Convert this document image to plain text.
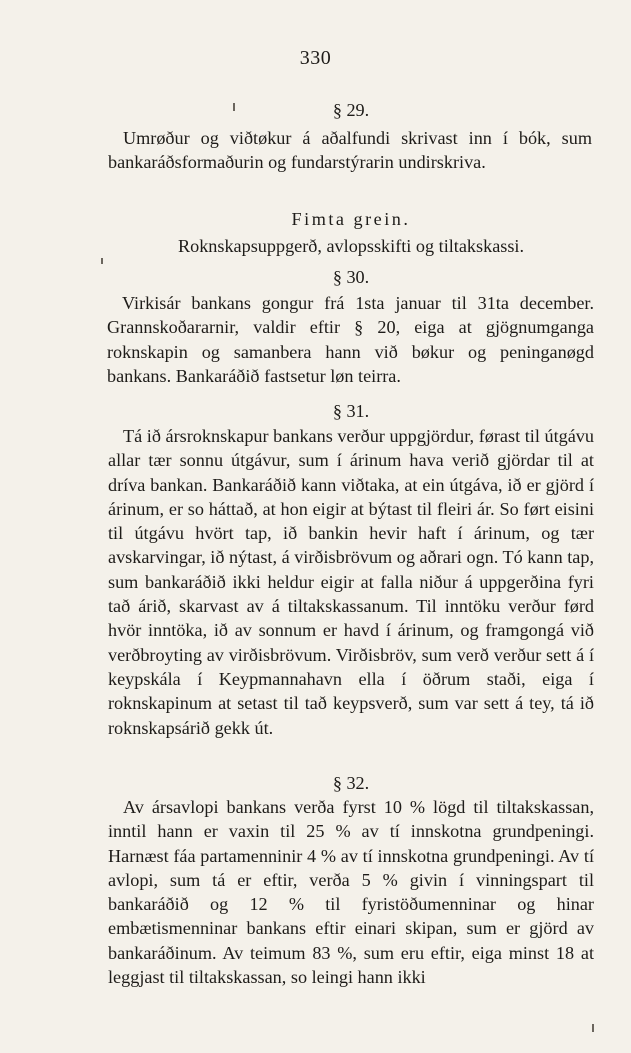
330
§ 29.

Umrøður og viðtøkur á aðalfundi skrivast inn í bók, sum bankaráðsformaðurin og fundarstýrarin undirskriva.

Fimta grein.
Roknskapsuppgerð, avlopsskifti og tiltakskassi.
§ 30.

Virkisár bankans gongur frá 1sta januar til 31ta december. Grannskoðararnir, valdir eftir § 20, eiga at gjögnumganga roknskapin og samanbera hann við bøkur og peninganøgd bankans. Bankaráðið fastsetur løn teirra.

§ 31.

Tá ið ársroknskapur bankans verður uppgjördur, førast til útgávu allar tær sonnu útgávur, sum í árinum hava verið gjördar til at dríva bankan. Bankaráðið kann viðtaka, at ein útgáva, ið er gjörd í árinum, er so háttað, at hon eigir at býtast til fleiri ár. So ført eisini til útgávu hvört tap, ið bankin hevir haft í árinum, og tær avskarvingar, ið nýtast, á virðisbrövum og aðrari ogn. Tó kann tap, sum bankaráðið ikki heldur eigir at falla niður á uppgerðina fyri tað árið, skarvast av á tiltakskassanum. Til inntöku verður førd hvör inntöka, ið av sonnum er havd í árinum, og framgongá við verðbroyting av virðisbrövum. Virðisbröv, sum verð verður sett á í keypskála í Keypmannahavn ella í öðrum staði, eiga í roknskapinum at setast til tað keypsverð, sum var sett á tey, tá ið roknskapsárið gekk út.

§ 32.

Av ársavlopi bankans verða fyrst 10 % lögd til tiltakskassan, inntil hann er vaxin til 25 % av tí innskotna grundpeningi. Harnæst fáa partamenninir 4 % av tí innskotna grundpeningi. Av tí avlopi, sum tá er eftir, verða 5 % givin í vinningspart til bankaráðið og 12 % til fyristöðumenninar og hinar embætismenninar bankans eftir einari skipan, sum er gjörd av bankaráðinum. Av teimum 83 %, sum eru eftir, eiga minst 18 at leggjast til tiltakskassan, so leingi hann ikki
